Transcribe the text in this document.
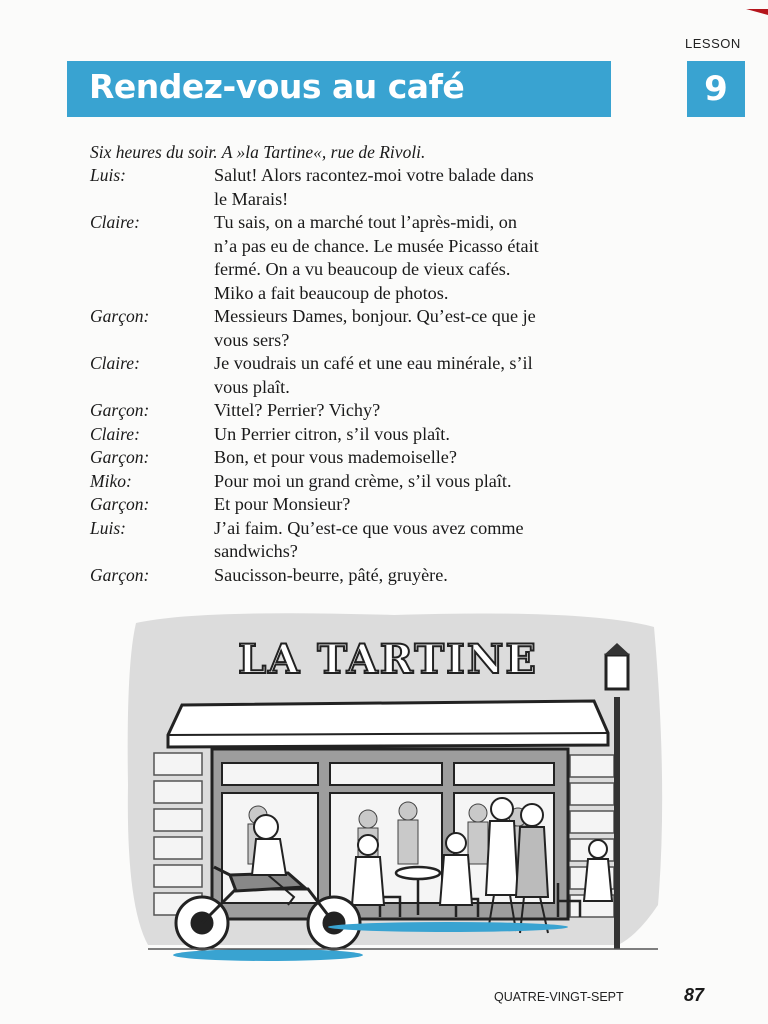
LESSON
Rendez-vous au café	9
Six heures du soir. A »la Tartine«, rue de Rivoli.
Luis:	Salut! Alors racontez-moi votre balade dans
le Marais!
Claire:	Tu sais, on a marché tout l’après-midi, on
n’a pas eu de chance. Le musée Picasso était
fermé. On a vu beaucoup de vieux cafés.
Miko a fait beaucoup de photos.
Garçon:	Messieurs Dames, bonjour. Qu’est-ce que je
vous sers?
Claire:	Je voudrais un café et une eau minérale, s’il
vous plaît.
Garçon:	Vittel? Perrier? Vichy?
Claire:	Un Perrier citron, s’il vous plaît.
Garçon:	Bon, et pour vous mademoiselle?
Miko:	Pour moi un grand crème, s’il vous plaît.
Garçon:	Et pour Monsieur?
Luis:	J’ai faim. Qu’est-ce que vous avez comme
sandwichs?
Garçon:	Saucisson-beurre, pâté, gruyère.
LA TARTINE
QUATRE-VINGT-SEPT	87
